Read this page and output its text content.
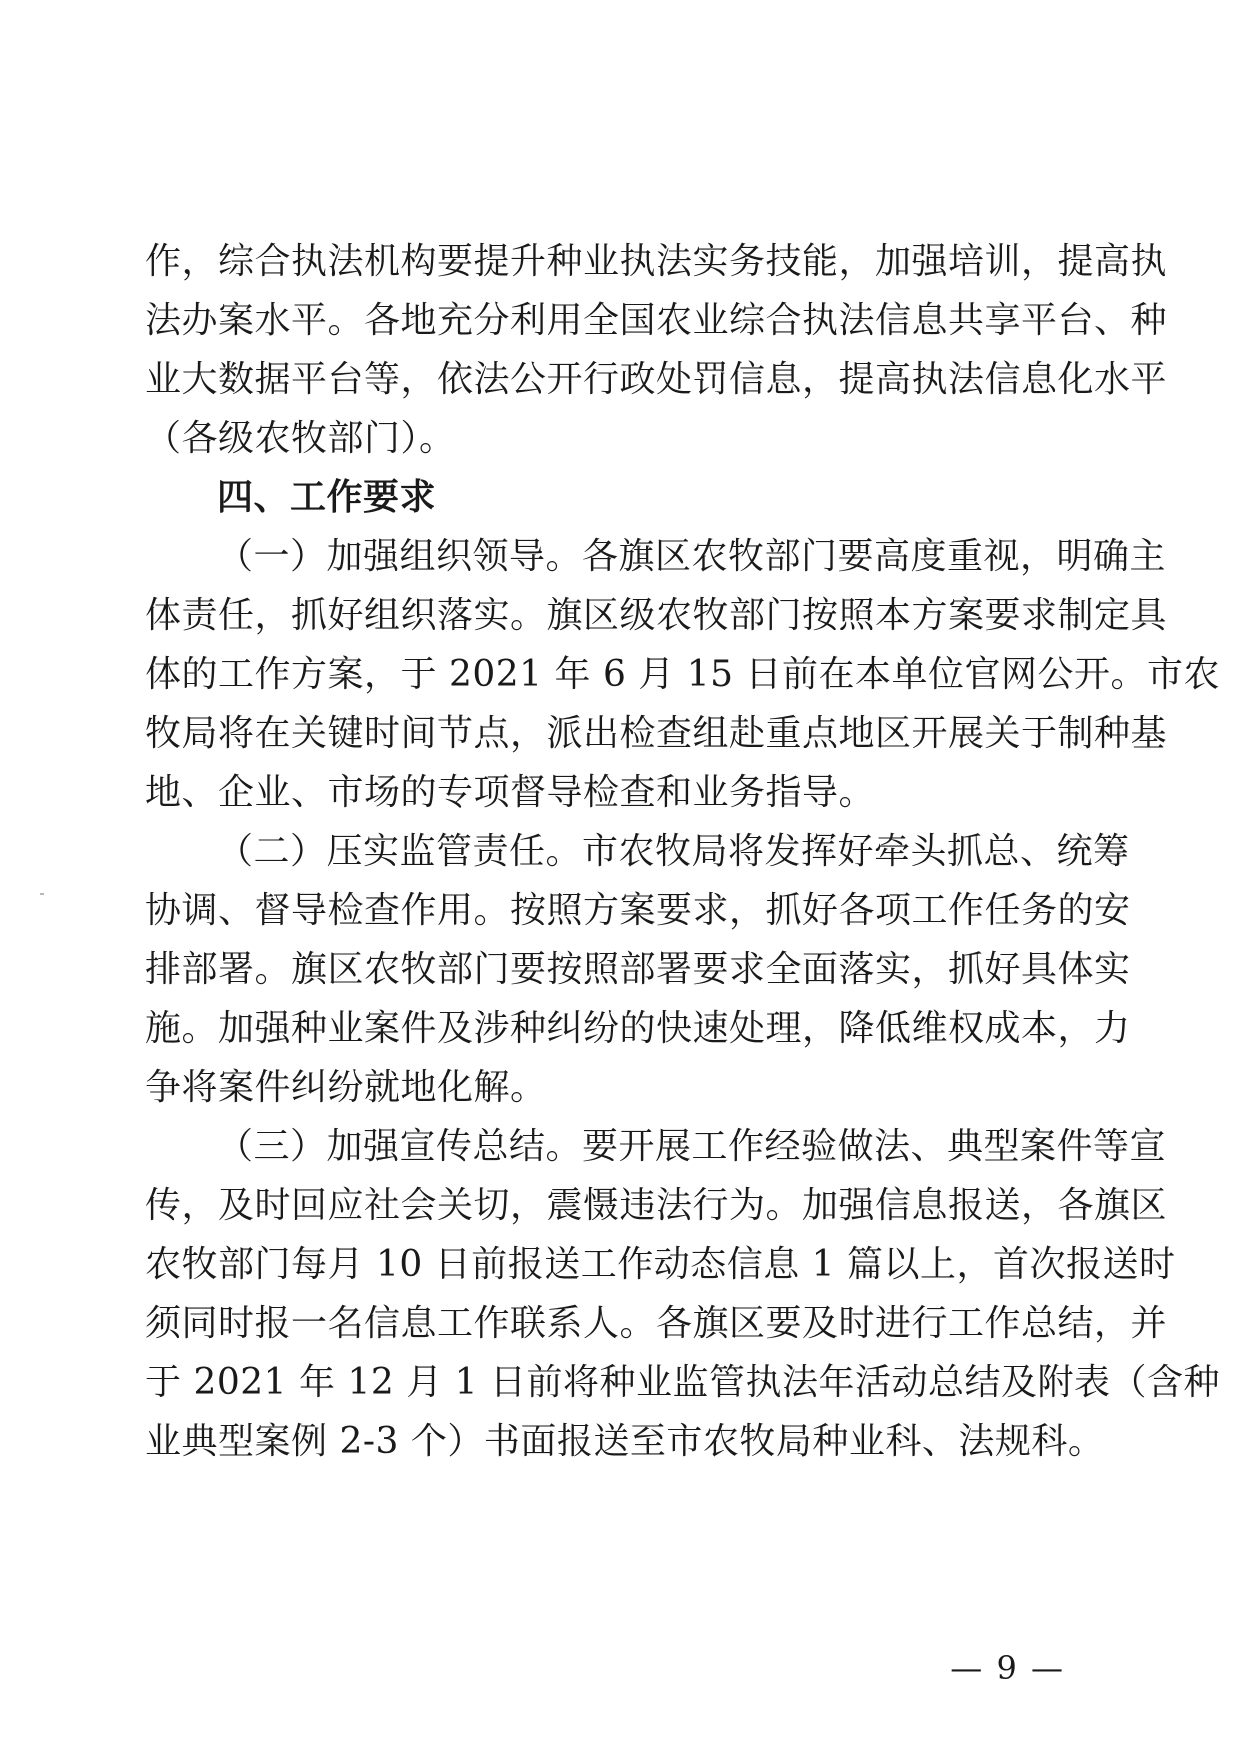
作，综合执法机构要提升种业执法实务技能，加强培训，提高执
法办案水平。各地充分利用全国农业综合执法信息共享平台、种
业大数据平台等，依法公开行政处罚信息，提高执法信息化水平
（各级农牧部门）。
四、工作要求
（一）加强组织领导。各旗区农牧部门要高度重视，明确主
体责任，抓好组织落实。旗区级农牧部门按照本方案要求制定具
体的工作方案，于 2021 年 6 月 15 日前在本单位官网公开。市农
牧局将在关键时间节点，派出检查组赴重点地区开展关于制种基
地、企业、市场的专项督导检查和业务指导。
（二）压实监管责任。市农牧局将发挥好牵头抓总、统筹
协调、督导检查作用。按照方案要求，抓好各项工作任务的安
排部署。旗区农牧部门要按照部署要求全面落实，抓好具体实
施。加强种业案件及涉种纠纷的快速处理，降低维权成本，力
争将案件纠纷就地化解。
（三）加强宣传总结。要开展工作经验做法、典型案件等宣
传，及时回应社会关切，震慑违法行为。加强信息报送，各旗区
农牧部门每月 10 日前报送工作动态信息 1 篇以上，首次报送时
须同时报一名信息工作联系人。各旗区要及时进行工作总结，并
于 2021 年 12 月 1 日前将种业监管执法年活动总结及附表（含种
业典型案例 2-3 个）书面报送至市农牧局种业科、法规科。
— 9 —
